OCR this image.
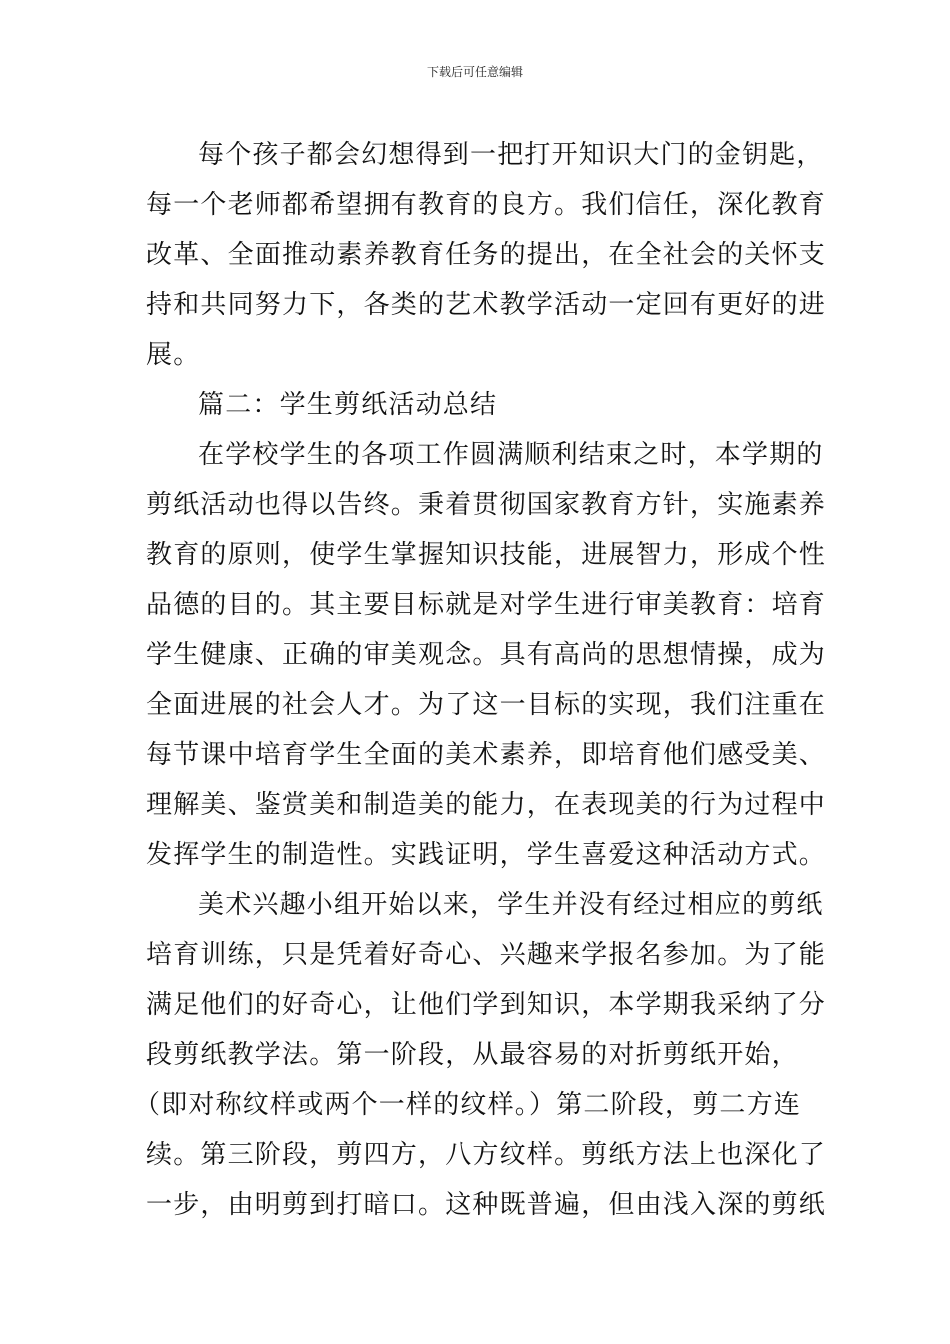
下载后可任意编辑
每个孩子都会幻想得到一把打开知识大门的金钥匙，
每一个老师都希望拥有教育的良方。我们信任，深化教育
改革、全面推动素养教育任务的提出，在全社会的关怀支
持和共同努力下，各类的艺术教学活动一定回有更好的进
展。
篇二：学生剪纸活动总结
在学校学生的各项工作圆满顺利结束之时，本学期的
剪纸活动也得以告终。秉着贯彻国家教育方针，实施素养
教育的原则，使学生掌握知识技能，进展智力，形成个性
品德的目的。其主要目标就是对学生进行审美教育：培育
学生健康、正确的审美观念。具有高尚的思想情操，成为
全面进展的社会人才。为了这一目标的实现，我们注重在
每节课中培育学生全面的美术素养，即培育他们感受美、
理解美、鉴赏美和制造美的能力，在表现美的行为过程中
发挥学生的制造性。实践证明，学生喜爱这种活动方式。
美术兴趣小组开始以来，学生并没有经过相应的剪纸
培育训练，只是凭着好奇心、兴趣来学报名参加。为了能
满足他们的好奇心，让他们学到知识，本学期我采纳了分
段剪纸教学法。第一阶段，从最容易的对折剪纸开始，
（即对称纹样或两个一样的纹样。）第二阶段，剪二方连
续。第三阶段，剪四方，八方纹样。剪纸方法上也深化了
一步，由明剪到打暗口。这种既普遍，但由浅入深的剪纸
